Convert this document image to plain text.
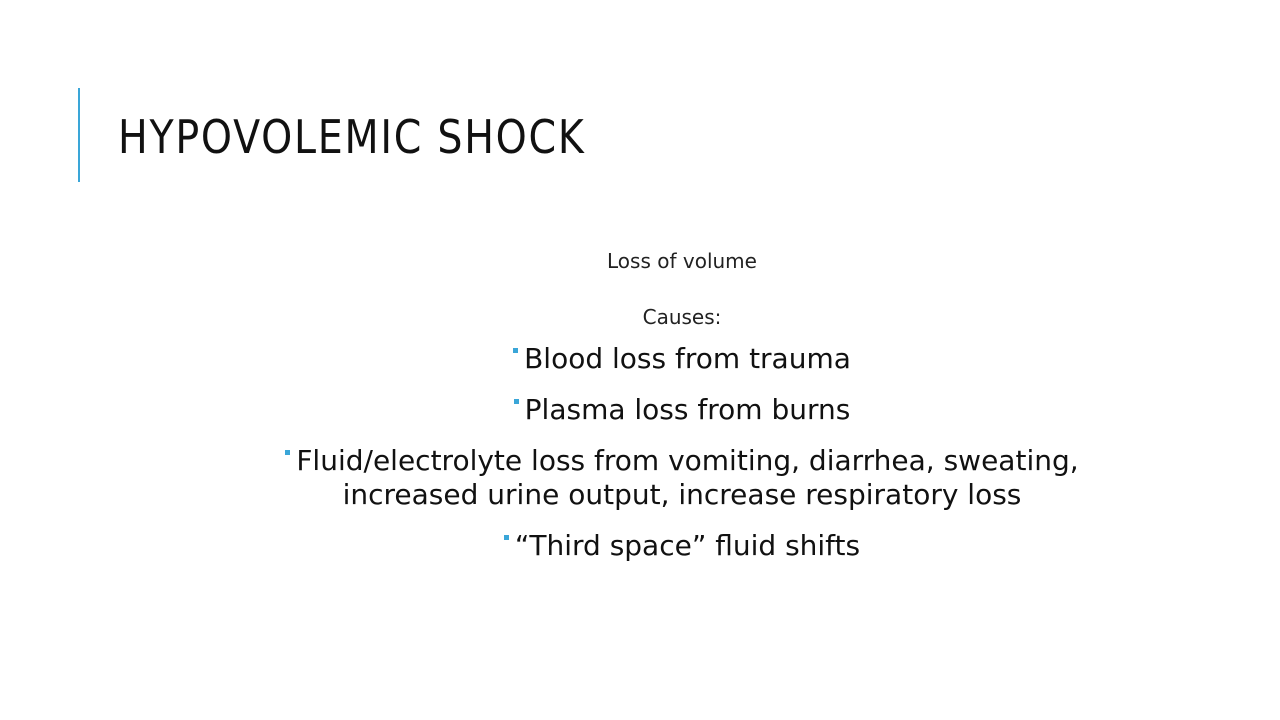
HYPOVOLEMIC SHOCK

Loss of volume

Causes:

Blood loss from trauma
Plasma loss from burns
Fluid/electrolyte loss from vomiting, diarrhea, sweating,
increased urine output, increase respiratory loss
“Third space” fluid shifts
